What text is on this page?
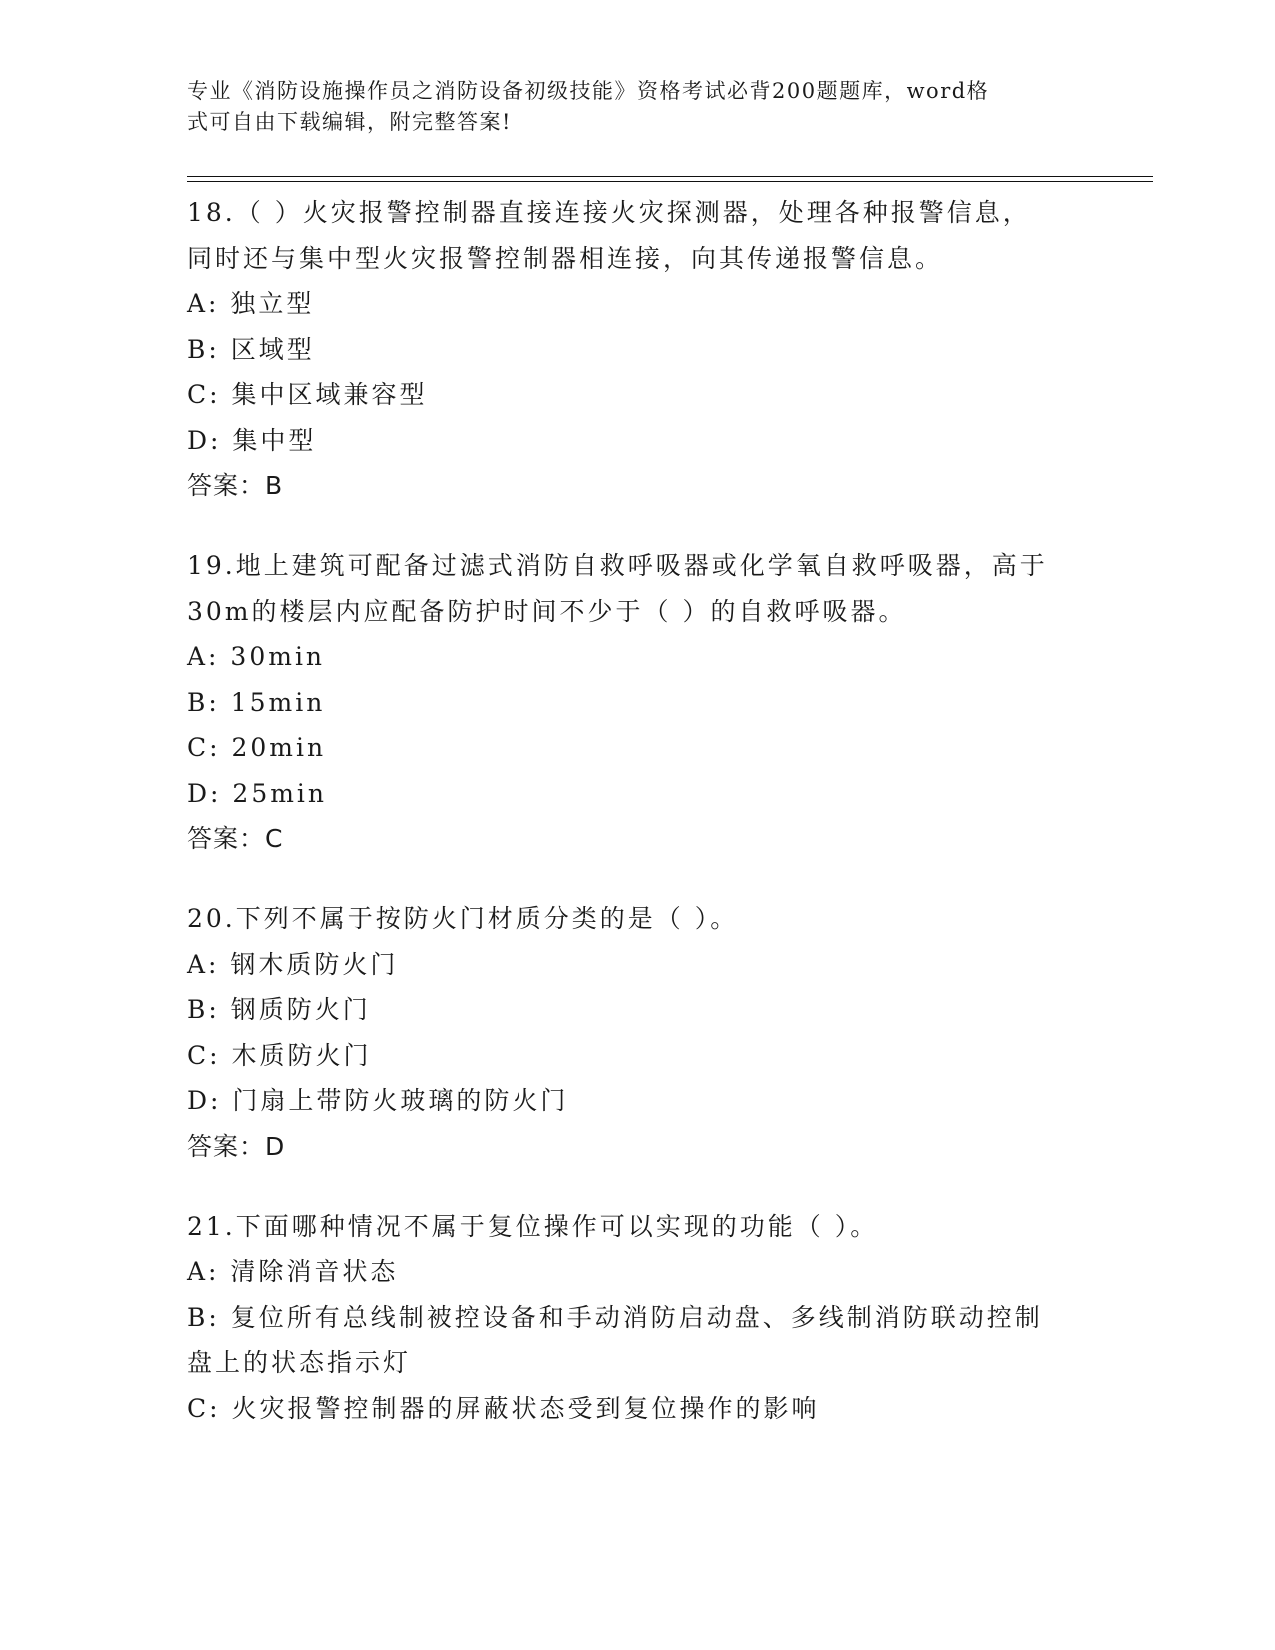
专业《消防设施操作员之消防设备初级技能》资格考试必背200题题库，word格
式可自由下载编辑，附完整答案!

18.（ ）火灾报警控制器直接连接火灾探测器，处理各种报警信息，

同时还与集中型火灾报警控制器相连接，向其传递报警信息。

A: 独立型

B: 区域型

C: 集中区域兼容型

D: 集中型

答案：B

19.地上建筑可配备过滤式消防自救呼吸器或化学氧自救呼吸器，高于

30m的楼层内应配备防护时间不少于（ ）的自救呼吸器。

A: 30min

B: 15min

C: 20min

D: 25min

答案：C

20.下列不属于按防火门材质分类的是（ ）。

A: 钢木质防火门

B: 钢质防火门

C: 木质防火门

D: 门扇上带防火玻璃的防火门

答案：D

21.下面哪种情况不属于复位操作可以实现的功能（ ）。

A: 清除消音状态

B: 复位所有总线制被控设备和手动消防启动盘、多线制消防联动控制

盘上的状态指示灯

C: 火灾报警控制器的屏蔽状态受到复位操作的影响
